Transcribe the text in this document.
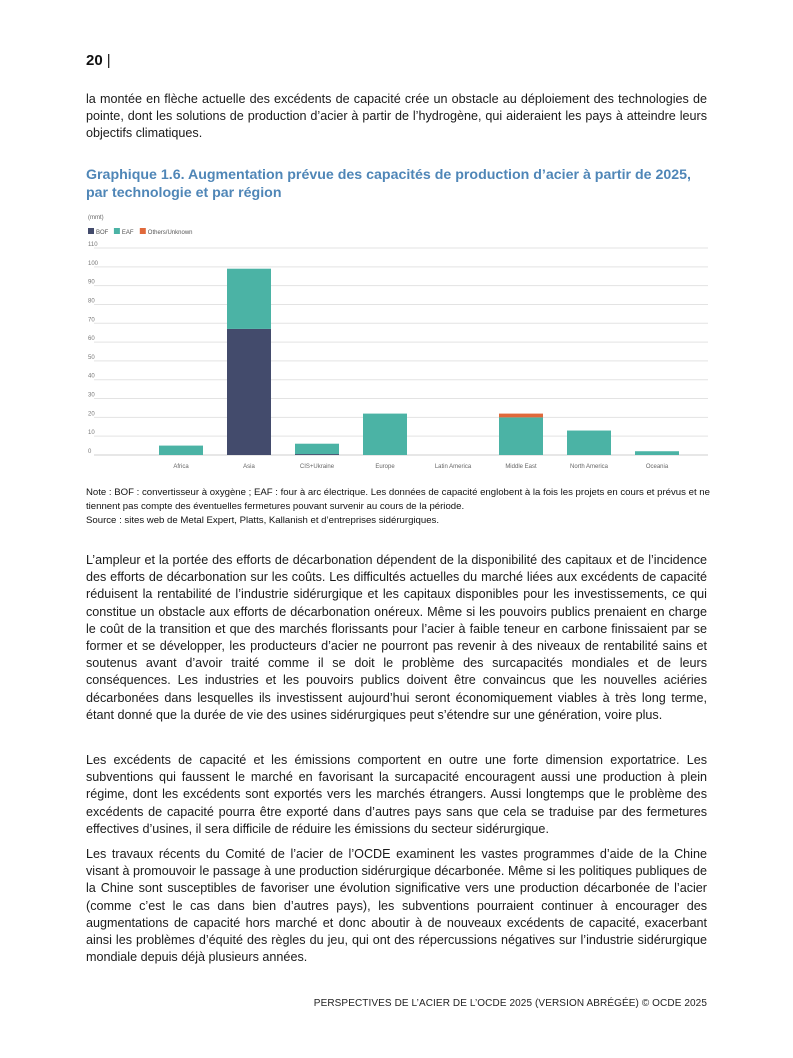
20 |

la montée en flèche actuelle des excédents de capacité crée un obstacle au déploiement des technologies de pointe, dont les solutions de production d’acier à partir de l’hydrogène, qui aideraient les pays à atteindre leurs objectifs climatiques.

Graphique 1.6. Augmentation prévue des capacités de production d’acier à partir de 2025, par technologie et par région
(mmt)
BOF EAF Others/Unknown
0
10
20
30
40
50
60
70
80
90
100
110
Africa	Asia	CIS+Ukraine	Europe	Latin America	Middle East	North America	Oceania

Note : BOF : convertisseur à oxygène ; EAF : four à arc électrique. Les données de capacité englobent à la fois les projets en cours et prévus et ne tiennent pas compte des éventuelles fermetures pouvant survenir au cours de la période.

Source : sites web de Metal Expert, Platts, Kallanish et d’entreprises sidérurgiques.

L’ampleur et la portée des efforts de décarbonation dépendent de la disponibilité des capitaux et de l’incidence des efforts de décarbonation sur les coûts. Les difficultés actuelles du marché liées aux excédents de capacité réduisent la rentabilité de l’industrie sidérurgique et les capitaux disponibles pour les investissements, ce qui constitue un obstacle aux efforts de décarbonation onéreux. Même si les pouvoirs publics prenaient en charge le coût de la transition et que des marchés florissants pour l’acier à faible teneur en carbone finissaient par se former et se développer, les producteurs d’acier ne pourront pas revenir à des niveaux de rentabilité sains et soutenus avant d’avoir traité comme il se doit le problème des surcapacités mondiales et de leurs conséquences. Les industries et les pouvoirs publics doivent être convaincus que les nouvelles aciéries décarbonées dans lesquelles ils investissent aujourd’hui seront économiquement viables à très long terme, étant donné que la durée de vie des usines sidérurgiques peut s’étendre sur une génération, voire plus.

Les excédents de capacité et les émissions comportent en outre une forte dimension exportatrice. Les subventions qui faussent le marché en favorisant la surcapacité encouragent aussi une production à plein régime, dont les excédents sont exportés vers les marchés étrangers. Aussi longtemps que le problème des excédents de capacité pourra être exporté dans d’autres pays sans que cela se traduise par des fermetures effectives d’usines, il sera difficile de réduire les émissions du secteur sidérurgique.

Les travaux récents du Comité de l’acier de l’OCDE examinent les vastes programmes d’aide de la Chine visant à promouvoir le passage à une production sidérurgique décarbonée. Même si les politiques publiques de la Chine sont susceptibles de favoriser une évolution significative vers une production décarbonée de l’acier (comme c’est le cas dans bien d’autres pays), les subventions pourraient continuer à encourager des augmentations de capacité hors marché et donc aboutir à de nouveaux excédents de capacité, exacerbant ainsi les problèmes d’équité des règles du jeu, qui ont des répercussions négatives sur l’industrie sidérurgique mondiale depuis déjà plusieurs années.

PERSPECTIVES DE L’ACIER DE L’OCDE 2025 (VERSION ABRÉGÉE) © OCDE 2025
